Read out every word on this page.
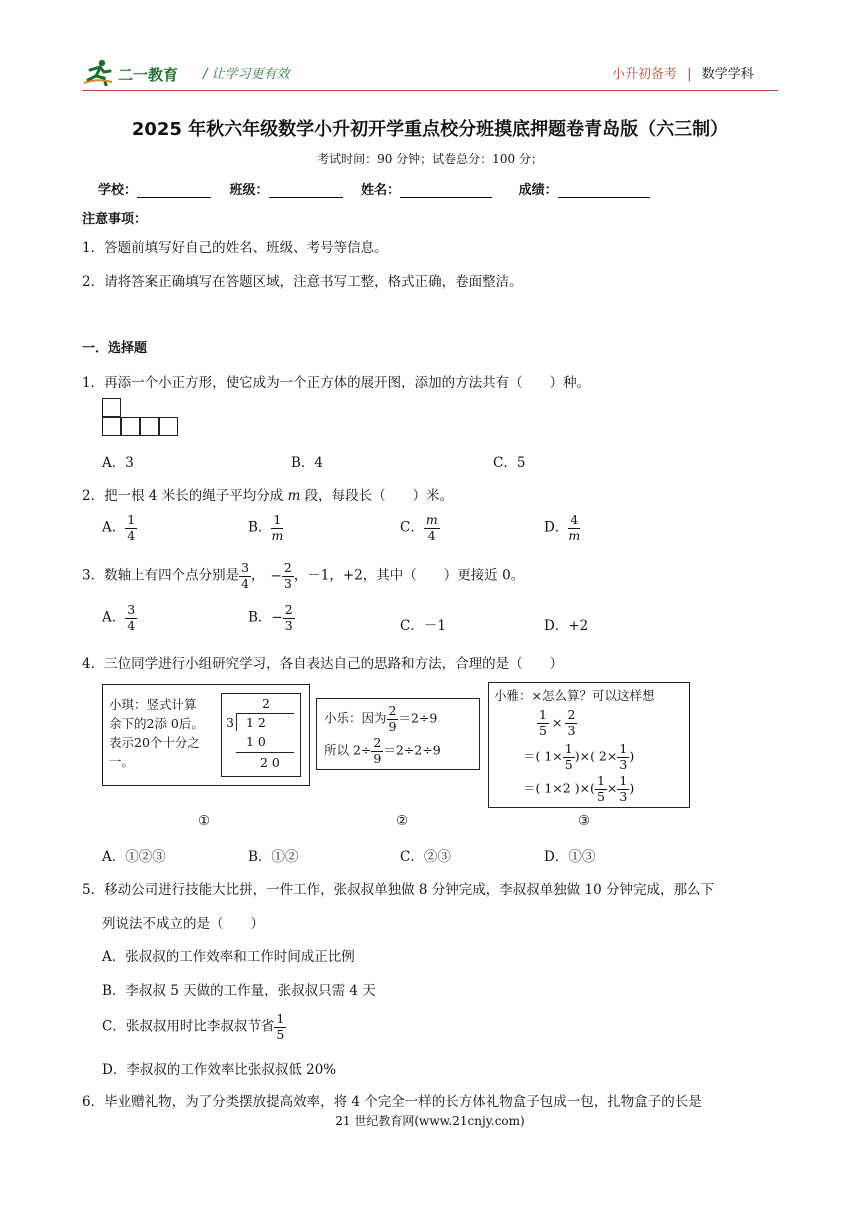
二一教育 / 让学习更有效	小升初备考 | 数学学科
2025 年秋六年级数学小升初开学重点校分班摸底押题卷青岛版（六三制）
考试时间：90 分钟；试卷总分：100 分；
学校：	班级：	姓名：	成绩：
注意事项：
1．答题前填写好自己的姓名、班级、考号等信息。
2．请将答案正确填写在答题区域，注意书写工整，格式正确，卷面整洁。
一．选择题
1．再添一个小正方形，使它成为一个正方体的展开图，添加的方法共有（　　）种。
A．3	B．4	C．5
2．把一根 4 米长的绳子平均分成 m 段，每段长（　　）米。
A． $\frac{1}{4}$	B． $\frac{1}{m}$	C． $\frac{m}{4}$	D． $\frac{4}{m}$
3．数轴上有四个点分别是 $\frac{3}{4}$ ， − $\frac{2}{3}$ ，－1，+2，其中（　　）更接近 0。
A． $\frac{3}{4}$	B．− $\frac{2}{3}$	C．－1	D．+2
4．三位同学进行小组研究学习，各自表达自己的思路和方法，合理的是（　　）
小琪：竖式计算
余下的2添 0后。
表示20个十分之
一。
2
3 1 2
1 0
2 0
小乐：因为 $\frac{2}{9} =2\div 9$
所以 $2\div \frac{2}{9} =2\div 2\div 9$
小雅：×怎么算？可以这样想
$\frac{1}{5} \times \frac{2}{3}$
＝( $1\times \frac{1}{5}$ )×( $2\times \frac{1}{3}$ )
＝( 1×2 )×( $\frac{1}{5} \times \frac{1}{3}$ )
①	②	③
A．①②③	B．①②	C．②③	D．①③
5．移动公司进行技能大比拼，一件工作，张叔叔单独做 8 分钟完成，李叔叔单独做 10 分钟完成，那么下
列说法不成立的是（　　）
A．张叔叔的工作效率和工作时间成正比例
B．李叔叔 5 天做的工作量，张叔叔只需 4 天
C．张叔叔用时比李叔叔节省 $\frac{1}{5}$
D．李叔叔的工作效率比张叔叔低 20%
6．毕业赠礼物，为了分类摆放提高效率，将 4 个完全一样的长方体礼物盒子包成一包，扎物盒子的长是
21 世纪教育网(www.21cnjy.com)
